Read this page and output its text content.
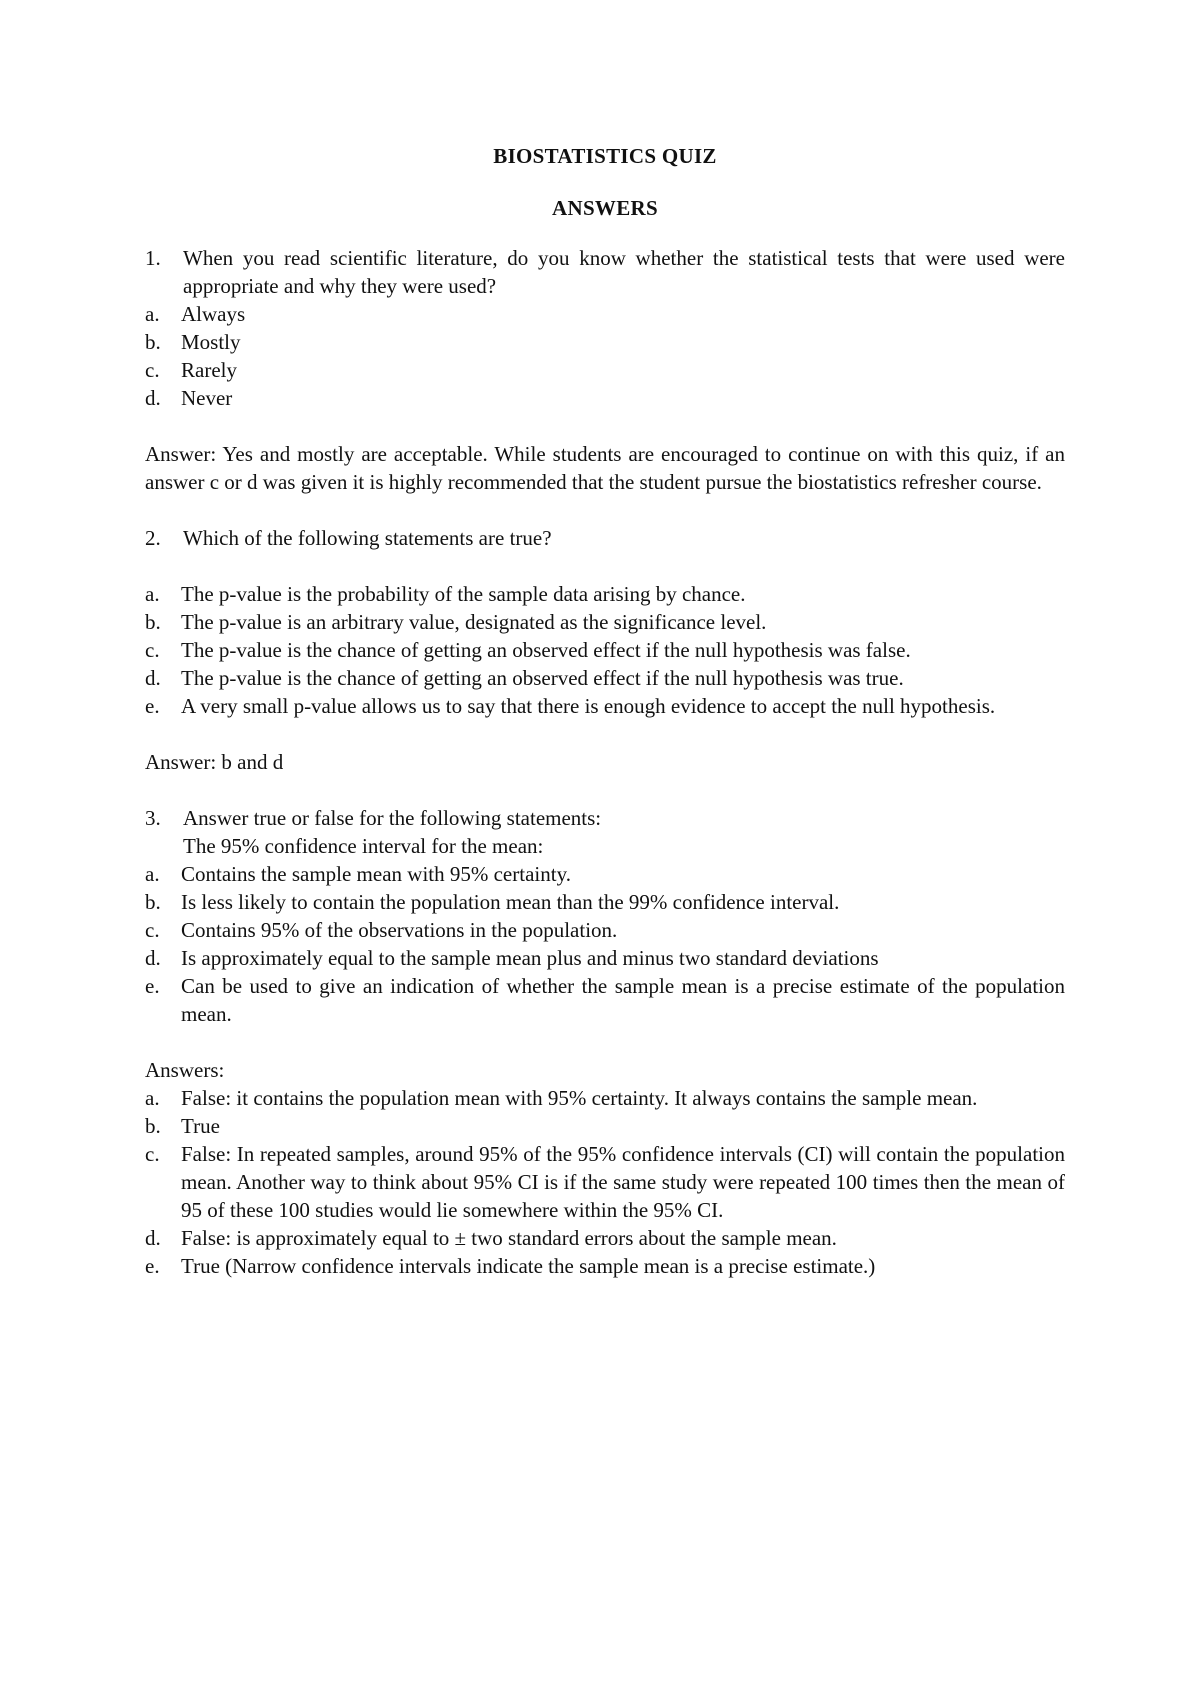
BIOSTATISTICS QUIZ

ANSWERS

1.	When you read scientific literature, do you know whether the statistical tests that were used were appropriate and why they were used?
a.	Always
b. Mostly
c.	Rarely
d. Never

Answer: Yes and mostly are acceptable. While students are encouraged to continue on with this quiz, if an answer c or d was given it is highly recommended that the student pursue the biostatistics refresher course.

2.	Which of the following statements are true?
a.	The p-value is the probability of the sample data arising by chance.
b. The p-value is an arbitrary value, designated as the significance level.
c.	The p-value is the chance of getting an observed effect if the null hypothesis was false.
d. The p-value is the chance of getting an observed effect if the null hypothesis was true.
e.	A very small p-value allows us to say that there is enough evidence to accept the null hypothesis.

Answer: b and d

3.	Answer true or false for the following statements:

The 95% confidence interval for the mean:

a.	Contains the sample mean with 95% certainty.
b. Is less likely to contain the population mean than the 99% confidence interval.
c.	Contains 95% of the observations in the population.
d. Is approximately equal to the sample mean plus and minus two standard deviations
e.	Can be used to give an indication of whether the sample mean is a precise estimate of the population mean.

Answers:

a.	False: it contains the population mean with 95% certainty. It always contains the sample mean.
b. True
c.	False: In repeated samples, around 95% of the 95% confidence intervals (CI) will contain the population mean. Another way to think about 95% CI is if the same study were repeated 100 times then the mean of 95 of these 100 studies would lie somewhere within the 95% CI.
d. False: is approximately equal to ± two standard errors about the sample mean.
e.	True (Narrow confidence intervals indicate the sample mean is a precise estimate.)
